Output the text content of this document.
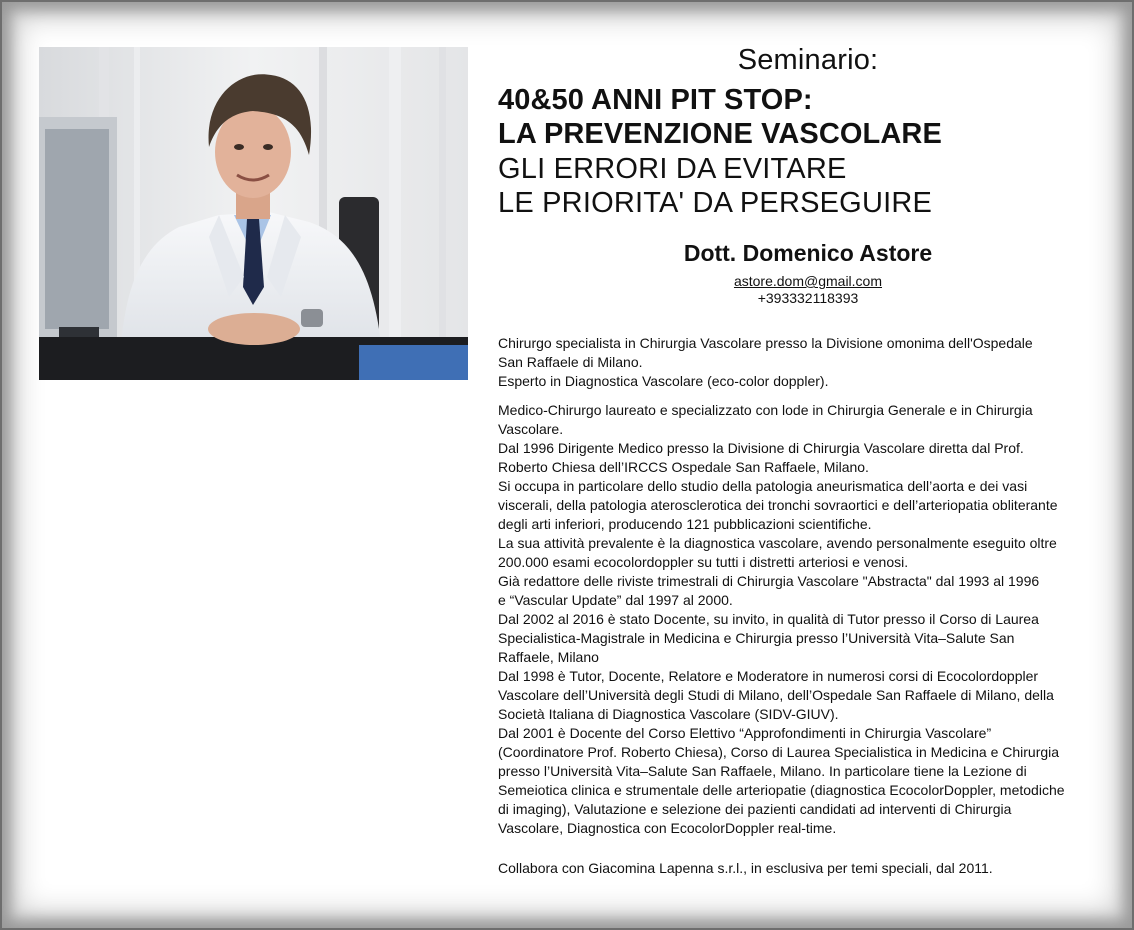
Seminario:
40&50 ANNI PIT STOP:
LA PREVENZIONE VASCOLARE
GLI ERRORI DA EVITARE
LE PRIORITA' DA PERSEGUIRE
Dott. Domenico Astore
astore.dom@gmail.com
+393332118393

Chirurgo specialista in Chirurgia Vascolare presso la Divisione omonima dell'Ospedale

San Raffaele di Milano.

Esperto in Diagnostica Vascolare (eco-color doppler).

Medico-Chirurgo laureato e specializzato con lode in Chirurgia Generale e in Chirurgia

Vascolare.

Dal 1996 Dirigente Medico presso la Divisione di Chirurgia Vascolare diretta dal Prof.

Roberto Chiesa dell’IRCCS Ospedale San Raffaele, Milano.

Si occupa in particolare dello studio della patologia aneurismatica dell’aorta e dei vasi

viscerali, della patologia aterosclerotica dei tronchi sovraortici e dell’arteriopatia obliterante

degli arti inferiori, producendo 121 pubblicazioni scientifiche.

La sua attività prevalente è la diagnostica vascolare, avendo personalmente eseguito oltre

200.000 esami ecocolordoppler su tutti i distretti arteriosi e venosi.

Già redattore delle riviste trimestrali di Chirurgia Vascolare "Abstracta" dal 1993 al 1996

e “Vascular Update” dal 1997 al 2000.

Dal 2002 al 2016 è stato Docente, su invito, in qualità di Tutor presso il Corso di Laurea

Specialistica-Magistrale in Medicina e Chirurgia presso l’Università Vita–Salute San

Raffaele, Milano

Dal 1998 è Tutor, Docente, Relatore e Moderatore in numerosi corsi di Ecocolordoppler

Vascolare dell’Università degli Studi di Milano, dell’Ospedale San Raffaele di Milano, della

Società Italiana di Diagnostica Vascolare (SIDV-GIUV).

Dal 2001 è Docente del Corso Elettivo “Approfondimenti in Chirurgia Vascolare”

(Coordinatore Prof. Roberto Chiesa), Corso di Laurea Specialistica in Medicina e Chirurgia

presso l’Università Vita–Salute San Raffaele, Milano. In particolare tiene la Lezione di

Semeiotica clinica e strumentale delle arteriopatie (diagnostica EcocolorDoppler, metodiche

di imaging), Valutazione e selezione dei pazienti candidati ad interventi di Chirurgia

Vascolare, Diagnostica con EcocolorDoppler real-time.

Collabora con Giacomina Lapenna s.r.l., in esclusiva per temi speciali, dal 2011.
